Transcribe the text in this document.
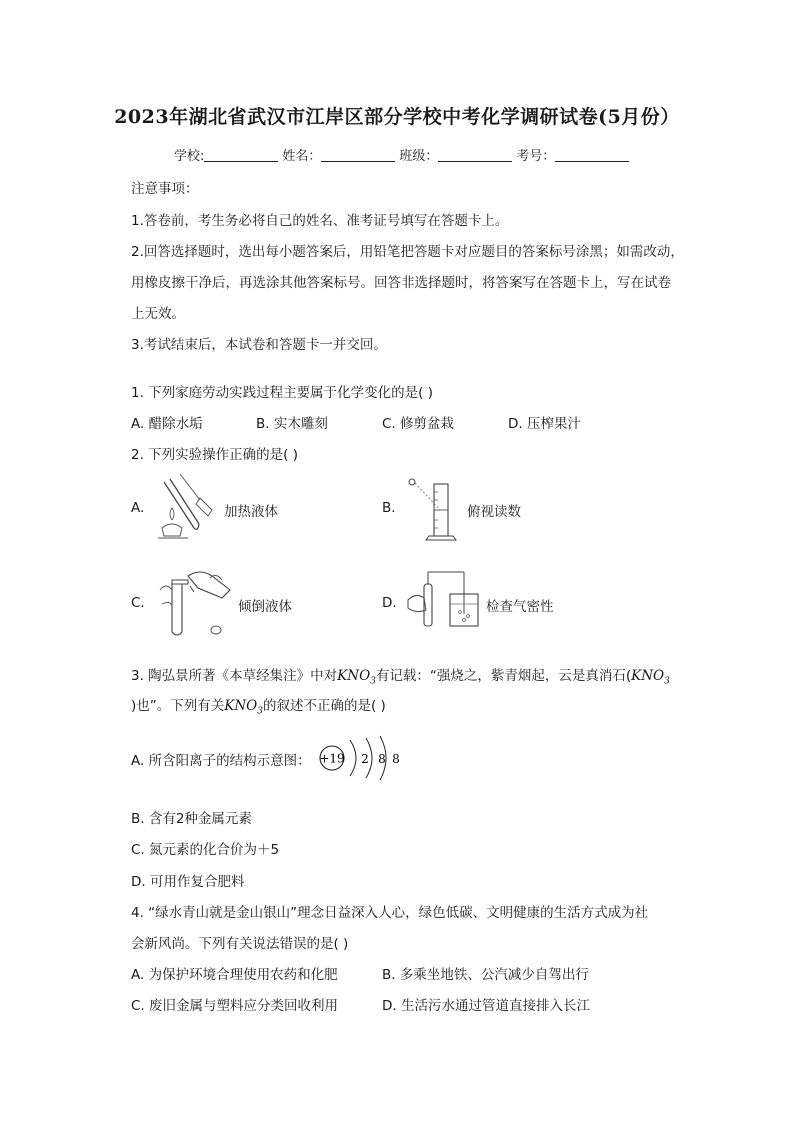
2023年湖北省武汉市江岸区部分学校中考化学调研试卷(5月份）
学校:	姓名：	班级：	考号：
注意事项：
1.答卷前，考生务必将自己的姓名、准考证号填写在答题卡上。
2.回答选择题时，选出每小题答案后，用铅笔把答题卡对应题目的答案标号涂黑；如需改动，
用橡皮擦干净后，再选涂其他答案标号。回答非选择题时，将答案写在答题卡上，写在试卷
上无效。
3.考试结束后，本试卷和答题卡一并交回。
1. 下列家庭劳动实践过程主要属于化学变化的是( )
A. 醋除水垢	B. 实木雕刻	C. 修剪盆栽	D. 压榨果汁
2. 下列实验操作正确的是( )
A.	加热液体	B.	俯视读数
C.	倾倒液体	D.	检查气密性
3. 陶弘景所著《本草经集注》中对$KNO_3$有记载：“强烧之，紫青烟起，云是真消石($KNO_3$
)也”。下列有关$KNO_3$的叙述不正确的是( )
A. 所含阳离子的结构示意图： +19 2 8 8
B. 含有2种金属元素
C. 氮元素的化合价为＋5
D. 可用作复合肥料
4. “绿水青山就是金山银山”理念日益深入人心，绿色低碳、文明健康的生活方式成为社
会新风尚。下列有关说法错误的是( )
A. 为保护环境合理使用农药和化肥	B. 多乘坐地铁、公汽减少自驾出行
C. 废旧金属与塑料应分类回收利用	D. 生活污水通过管道直接排入长江
